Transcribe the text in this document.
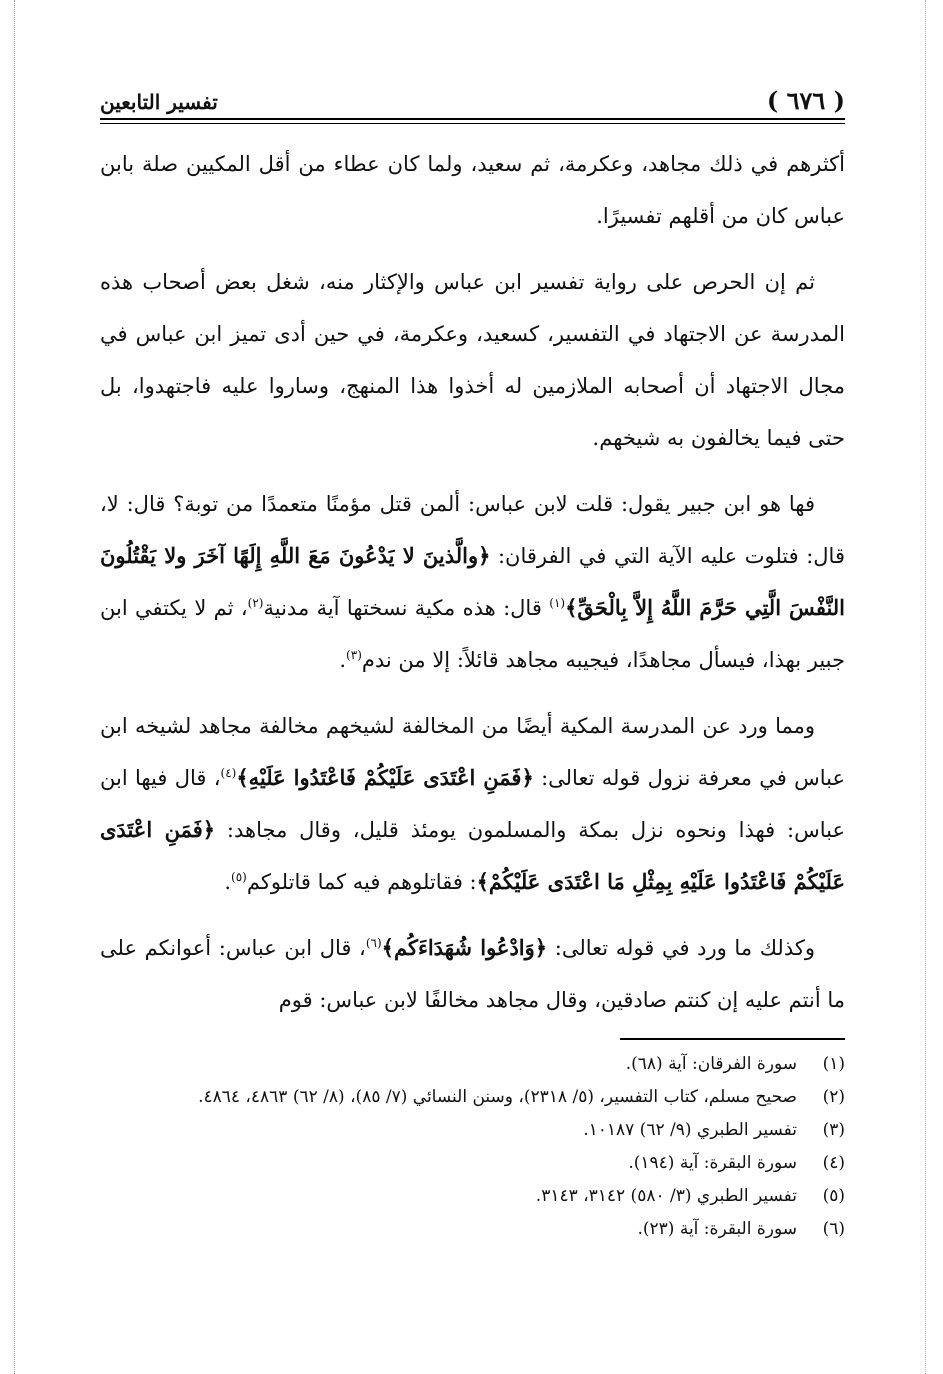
( ٦٧٦ )
تفسير التابعين

أكثرهم في ذلك مجاهد، وعكرمة، ثم سعيد، ولما كان عطاء من أقل المكيين صلة بابن عباس كان من أقلهم تفسيرًا.

ثم إن الحرص على رواية تفسير ابن عباس والإكثار منه، شغل بعض أصحاب هذه المدرسة عن الاجتهاد في التفسير، كسعيد، وعكرمة، في حين أدى تميز ابن عباس في مجال الاجتهاد أن أصحابه الملازمين له أخذوا هذا المنهج، وساروا عليه فاجتهدوا، بل حتى فيما يخالفون به شيخهم.

فها هو ابن جبير يقول: قلت لابن عباس: ألمن قتل مؤمنًا متعمدًا من توبة؟ قال: لا، قال: فتلوت عليه الآية التي في الفرقان: ﴿والَّذينَ لا يَدْعُونَ مَعَ اللَّهِ إِلَهًا آخَرَ ولا يَقْتُلُونَ النَّفْسَ الَّتِي حَرَّمَ اللَّهُ إِلاَّ بِالْحَقِّ﴾$^{(١)}$ قال: هذه مكية نسختها آية مدنية$^{(٢)}$، ثم لا يكتفي ابن جبير بهذا، فيسأل مجاهدًا، فيجيبه مجاهد قائلاً: إلا من ندم$^{(٣)}$.

ومما ورد عن المدرسة المكية أيضًا من المخالفة لشيخهم مخالفة مجاهد لشيخه ابن عباس في معرفة نزول قوله تعالى: ﴿فَمَنِ اعْتَدَى عَلَيْكُمْ فَاعْتَدُوا عَلَيْهِ﴾$^{(٤)}$، قال فيها ابن عباس: فهذا ونحوه نزل بمكة والمسلمون يومئذ قليل، وقال مجاهد: ﴿فَمَنِ اعْتَدَى عَلَيْكُمْ فَاعْتَدُوا عَلَيْهِ بِمِثْلِ مَا اعْتَدَى عَلَيْكُمْ﴾: فقاتلوهم فيه كما قاتلوكم$^{(٥)}$.

وكذلك ما ورد في قوله تعالى: ﴿وَادْعُوا شُهَدَاءَكُم﴾$^{(٦)}$، قال ابن عباس: أعوانكم على ما أنتم عليه إن كنتم صادقين، وقال مجاهد مخالفًا لابن عباس: قوم

(١)
سورة الفرقان: آية (٦٨).
(٢)
صحيح مسلم، كتاب التفسير، (٥/ ٢٣١٨)، وسنن النسائي (٧/ ٨٥)، (٨/ ٦٢) ٤٨٦٣، ٤٨٦٤.
(٣)
تفسير الطبري (٩/ ٦٢) ١٠١٨٧.
(٤)
سورة البقرة: آية (١٩٤).
(٥)
تفسير الطبري (٣/ ٥٨٠) ٣١٤٢، ٣١٤٣.
(٦)
سورة البقرة: آية (٢٣).
